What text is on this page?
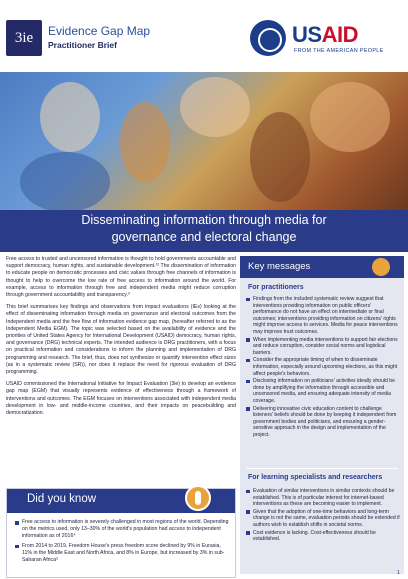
3ie	Evidence Gap Map
Practitioner Brief	USAID
FROM THE AMERICAN PEOPLE
Disseminating information through media for
governance and electoral change

Free access to trusted and uncensored information is thought to hold governments accountable and support democracy, human rights, and sustainable development.¹² The dissemination of information to educate people on democratic processes and civic values through free channels of information is thought to help to overcome the low rate of free access to information around the world. For example, access to information through free and independent media might reduce corruption through government accountability and transparency.³

This brief summarises key findings and observations from impact evaluations (IEs) looking at the effect of disseminating information through media on governance and electoral outcomes from the Independent media and the free flow of information evidence gap map, (hereafter referred to as the Independent Media EGM). The topic was selected based on the availability of evidence and the priorities of United States Agency for International Development (USAID) democracy, human rights, and governance (DRG) technical experts. The intended audience is DRG practitioners, with a focus on practical information and considerations to inform the planning and implementation of DRG programming and research. The brief, thus, does not synthesize or quantify intervention effect sizes (as in a systematic review (SR)), nor does it replace the need for rigorous evaluation of DRG programming.

USAID commissioned the International Initiative for Impact Evaluation (3ie) to develop an evidence gap map (EGM) that visually represents evidence of effectiveness through a framework of interventions and outcomes. The EGM focuses on interventions associated with independent media development in low- and middle-income countries, and their impacts on peacebuilding and democratization.

Did you know
Free access to information is severely challenged in most regions of the world. Depending on the metrics used, only 13–30% of the world's population had access to independent information as of 2016⁴
From 2014 to 2019, Freedom House's press freedom score declined by 9% in Eurasia, 11% in the Middle East and North Africa, and 8% in Europe, but increased by 3% in sub-Saharan Africa⁵
Key messages
For practitioners
Findings from the included systematic review suggest that interventions providing information on public officers' performance do not have an effect on intermediate or final outcomes; interventions providing information on citizens' rights might improve access to services. Media for peace interventions may improve trust outcomes.
When implementing media interventions to support fair elections and reduce corruption, consider social norms and logistical barriers.
Consider the appropriate timing of when to disseminate information, especially around upcoming elections, as this might affect people's behaviors.
Disclosing information on politicians' activities ideally should be done by amplifying the information through accessible and uncensored media, and ensuring adequate intensity of media coverage.
Delivering innovative civic education content to challenge listeners' beliefs should be done by keeping it independent from government bodies and politicians, and ensuring a gender-sensitive approach in the design and implementation of the project.
For learning specialists and researchers
Evaluation of similar interventions in similar contexts should be established. This is of particular interest for internet-based interventions as these are becoming easier to implement.
Given that the adoption of one-time behaviors and long-term change is not the same, evaluation periods should be extended if authors wish to establish shifts in societal norms.
Cost evidence is lacking. Cost-effectiveness should be established.
1
